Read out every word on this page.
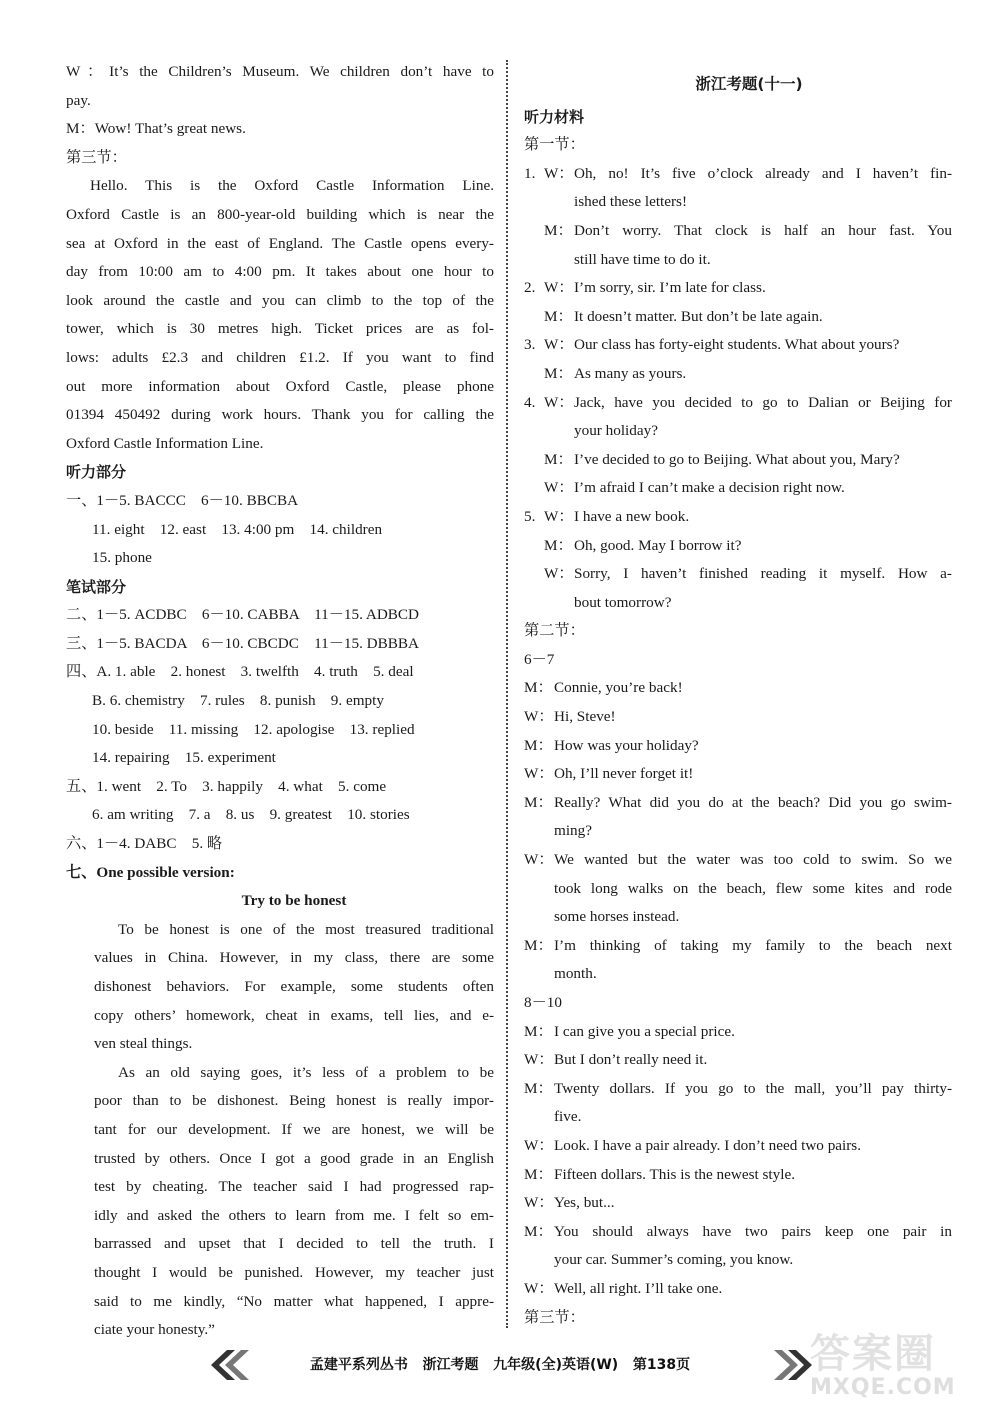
W：It’s the Children’s Museum. We children don’t have to
pay.
M：Wow! That’s great news.
第三节：
Hello. This is the Oxford Castle Information Line.
Oxford Castle is an 800-year-old building which is near the
sea at Oxford in the east of England. The Castle opens every-
day from 10:00 am to 4:00 pm. It takes about one hour to
look around the castle and you can climb to the top of the
tower, which is 30 metres high. Ticket prices are as fol-
lows: adults £2.3 and children £1.2. If you want to find
out more information about Oxford Castle, please phone
01394 450492 during work hours. Thank you for calling the
Oxford Castle Information Line.
听力部分
一、1－5. BACCC　6－10. BBCBA
11. eight　12. east　13. 4:00 pm　14. children
15. phone
笔试部分
二、1－5. ACDBC　6－10. CABBA　11－15. ADBCD
三、1－5. BACDA　6－10. CBCDC　11－15. DBBBA
四、A. 1. able　2. honest　3. twelfth　4. truth　5. deal
B. 6. chemistry　7. rules　8. punish　9. empty
10. beside　11. missing　12. apologise　13. replied
14. repairing　15. experiment
五、1. went　2. To　3. happily　4. what　5. come
6. am writing　7. a　8. us　9. greatest　10. stories
六、1－4. DABC　5. 略
七、One possible version:
Try to be honest
To be honest is one of the most treasured traditional
values in China. However, in my class, there are some
dishonest behaviors. For example, some students often
copy others’ homework, cheat in exams, tell lies, and e-
ven steal things.
As an old saying goes, it’s less of a problem to be
poor than to be dishonest. Being honest is really impor-
tant for our development. If we are honest, we will be
trusted by others. Once I got a good grade in an English
test by cheating. The teacher said I had progressed rap-
idly and asked the others to learn from me. I felt so em-
barrassed and upset that I decided to tell the truth. I
thought I would be punished. However, my teacher just
said to me kindly, “No matter what happened, I appre-
ciate your honesty.”
浙江考题(十一)
听力材料
第一节：
1. W： Oh, no! It’s five o’clock already and I haven’t fin-
ished these letters!
M： Don’t worry. That clock is half an hour fast. You
still have time to do it.
2. W： I’m sorry, sir. I’m late for class.
M： It doesn’t matter. But don’t be late again.
3. W： Our class has forty-eight students. What about yours?
M： As many as yours.
4. W： Jack, have you decided to go to Dalian or Beijing for
your holiday?
M： I’ve decided to go to Beijing. What about you, Mary?
W： I’m afraid I can’t make a decision right now.
5. W： I have a new book.
M： Oh, good. May I borrow it?
W： Sorry, I haven’t finished reading it myself. How a-
bout tomorrow?
第二节：
6－7
M： Connie, you’re back!
W： Hi, Steve!
M： How was your holiday?
W： Oh, I’ll never forget it!
M： Really? What did you do at the beach? Did you go swim-
ming?
W： We wanted but the water was too cold to swim. So we
took long walks on the beach, flew some kites and rode
some horses instead.
M： I’m thinking of taking my family to the beach next
month.
8－10
M： I can give you a special price.
W： But I don’t really need it.
M： Twenty dollars. If you go to the mall, you’ll pay thirty-
five.
W： Look. I have a pair already. I don’t need two pairs.
M： Fifteen dollars. This is the newest style.
W： Yes, but...
M： You should always have two pairs keep one pair in
your car. Summer’s coming, you know.
W： Well, all right. I’ll take one.
第三节：
孟建平系列丛书 浙江考题 九年级(全)英语(W) 第138页	答案圈
MXQE.COM
